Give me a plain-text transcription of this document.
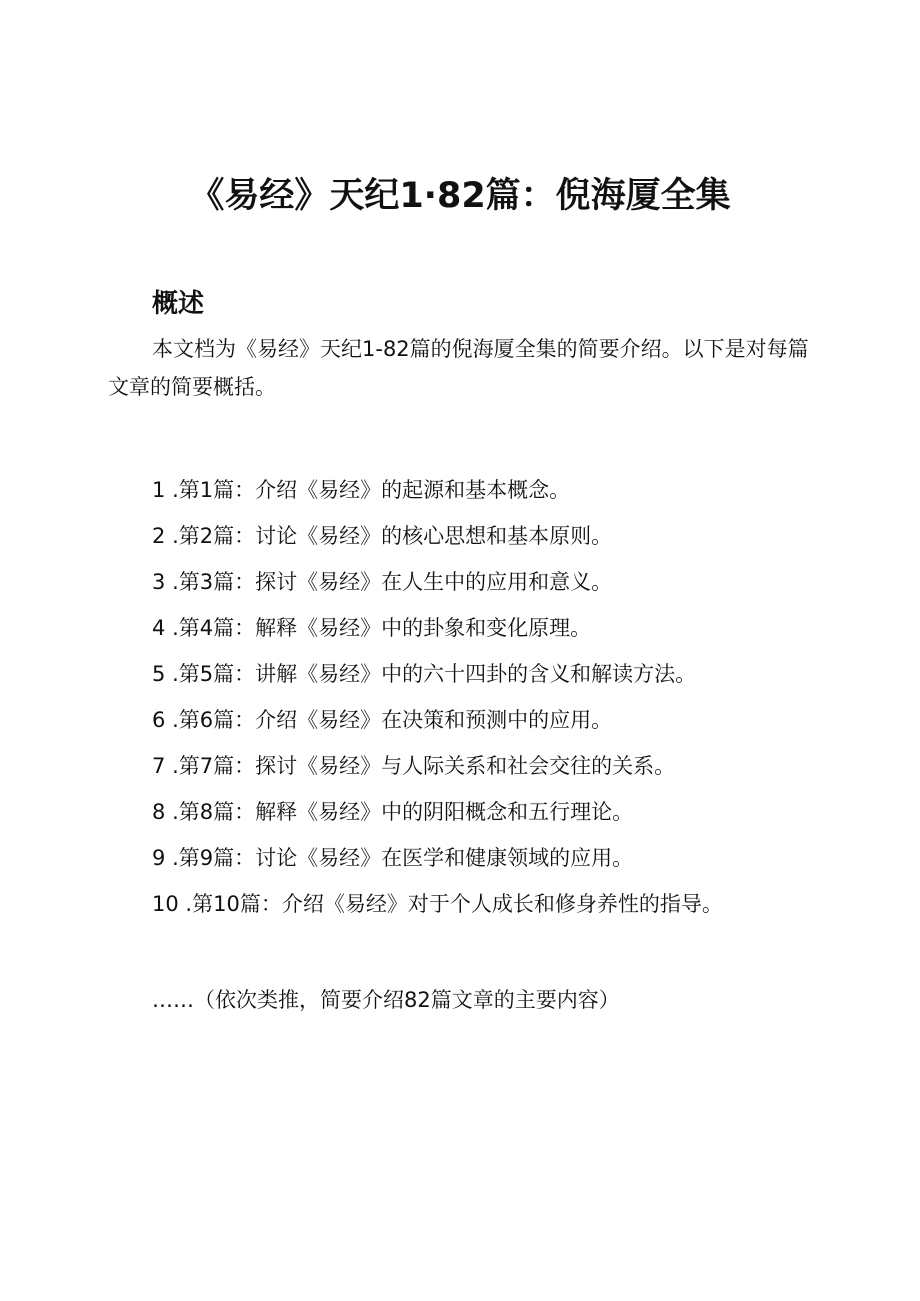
《易经》天纪1·82篇：倪海厦全集
概述

本文档为《易经》天纪1-82篇的倪海厦全集的简要介绍。以下是对每篇文章的简要概括。

1 .第1篇：介绍《易经》的起源和基本概念。
2 .第2篇：讨论《易经》的核心思想和基本原则。
3 .第3篇：探讨《易经》在人生中的应用和意义。
4 .第4篇：解释《易经》中的卦象和变化原理。
5 .第5篇：讲解《易经》中的六十四卦的含义和解读方法。
6 .第6篇：介绍《易经》在决策和预测中的应用。
7 .第7篇：探讨《易经》与人际关系和社会交往的关系。
8 .第8篇：解释《易经》中的阴阳概念和五行理论。
9 .第9篇：讨论《易经》在医学和健康领域的应用。
10 .第10篇：介绍《易经》对于个人成长和修身养性的指导。
……（依次类推，简要介绍82篇文章的主要内容）
